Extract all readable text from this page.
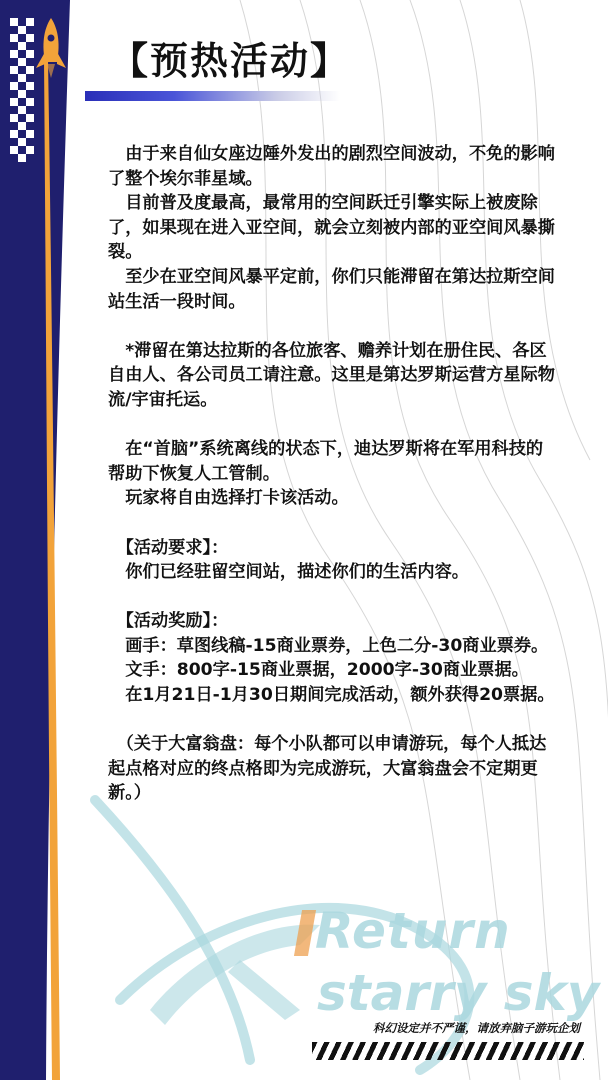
【预热活动】

　由于来自仙女座边陲外发出的剧烈空间波动，不免的影响了整个埃尔菲星域。

　目前普及度最高，最常用的空间跃迁引擎实际上被废除了，如果现在进入亚空间，就会立刻被内部的亚空间风暴撕裂。

　至少在亚空间风暴平定前，你们只能滞留在第达拉斯空间站生活一段时间。

　*滞留在第达拉斯的各位旅客、赡养计划在册住民、各区自由人、各公司员工请注意。这里是第达罗斯运营方星际物流/宇宙托运。

　在“首脑”系统离线的状态下，迪达罗斯将在军用科技的帮助下恢复人工管制。

　玩家将自由选择打卡该活动。

　【活动要求】：

　你们已经驻留空间站，描述你们的生活内容。

　【活动奖励】：

　画手：草图线稿-15商业票券，上色二分-30商业票券。

　文手：800字-15商业票据，2000字-30商业票据。

　在1月21日-1月30日期间完成活动，额外获得20票据。

　（关于大富翁盘：每个小队都可以申请游玩，每个人抵达起点格对应的终点格即为完成游玩，大富翁盘会不定期更新。）

Return
starry sky
科幻设定并不严谨，请放弃脑子游玩企划
